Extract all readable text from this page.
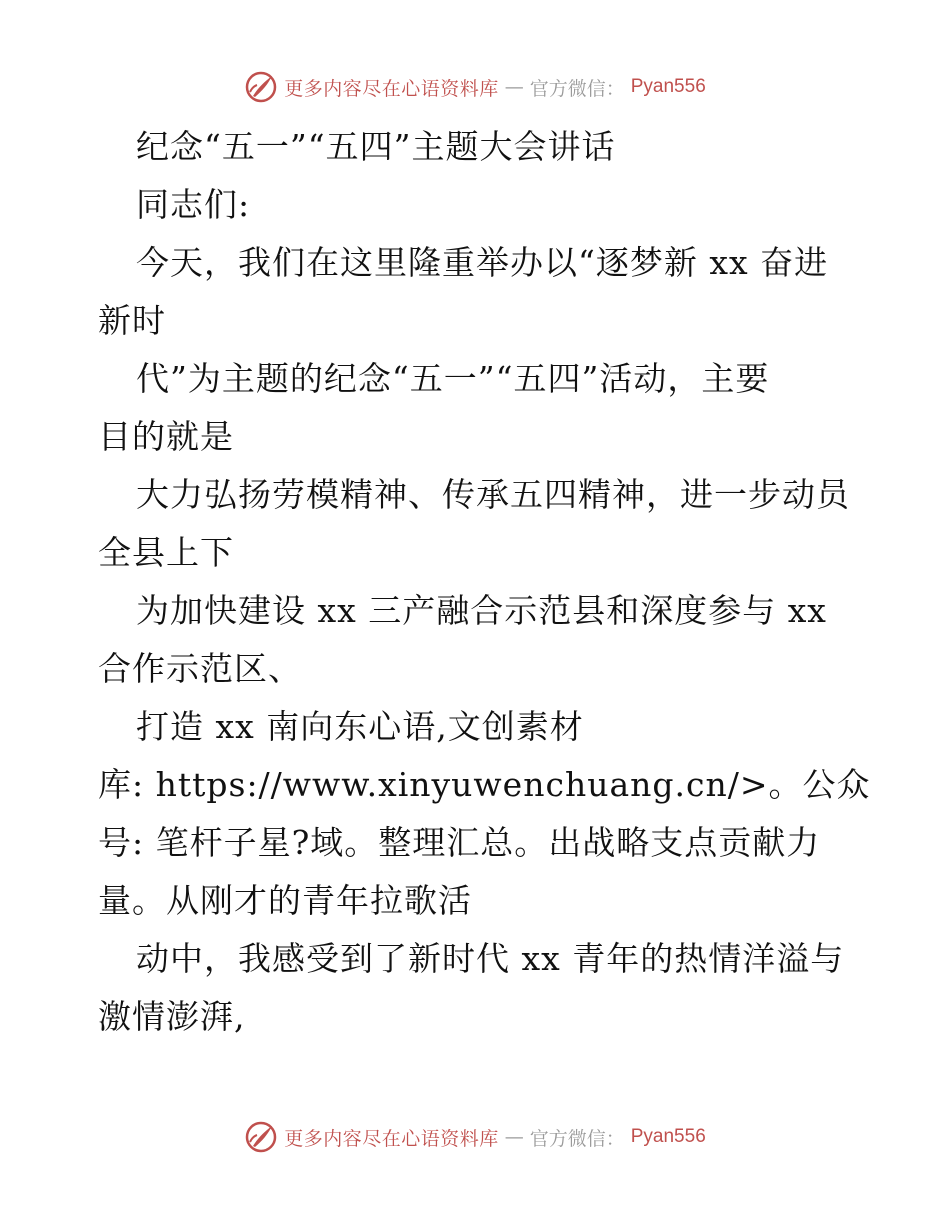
更多内容尽在心语资料库 — 官方微信： Pyan556
纪念“五一”“五四”主题大会讲话
同志们:
今天，我们在这里隆重举办以“逐梦新 xx 奋进
新时
代”为主题的纪念“五一”“五四”活动，主要
目的就是
大力弘扬劳模精神、传承五四精神，进一步动员
全县上下
为加快建设 xx 三产融合示范县和深度参与 xx
合作示范区、
打造 xx 南向东心语,文创素材
库: https://www.xinyuwenchuang.cn/>。公众
号: 笔杆子星?域。整理汇总。出战略支点贡献力
量。从刚才的青年拉歌活
动中，我感受到了新时代 xx 青年的热情洋溢与
激情澎湃,
更多内容尽在心语资料库 — 官方微信： Pyan556
